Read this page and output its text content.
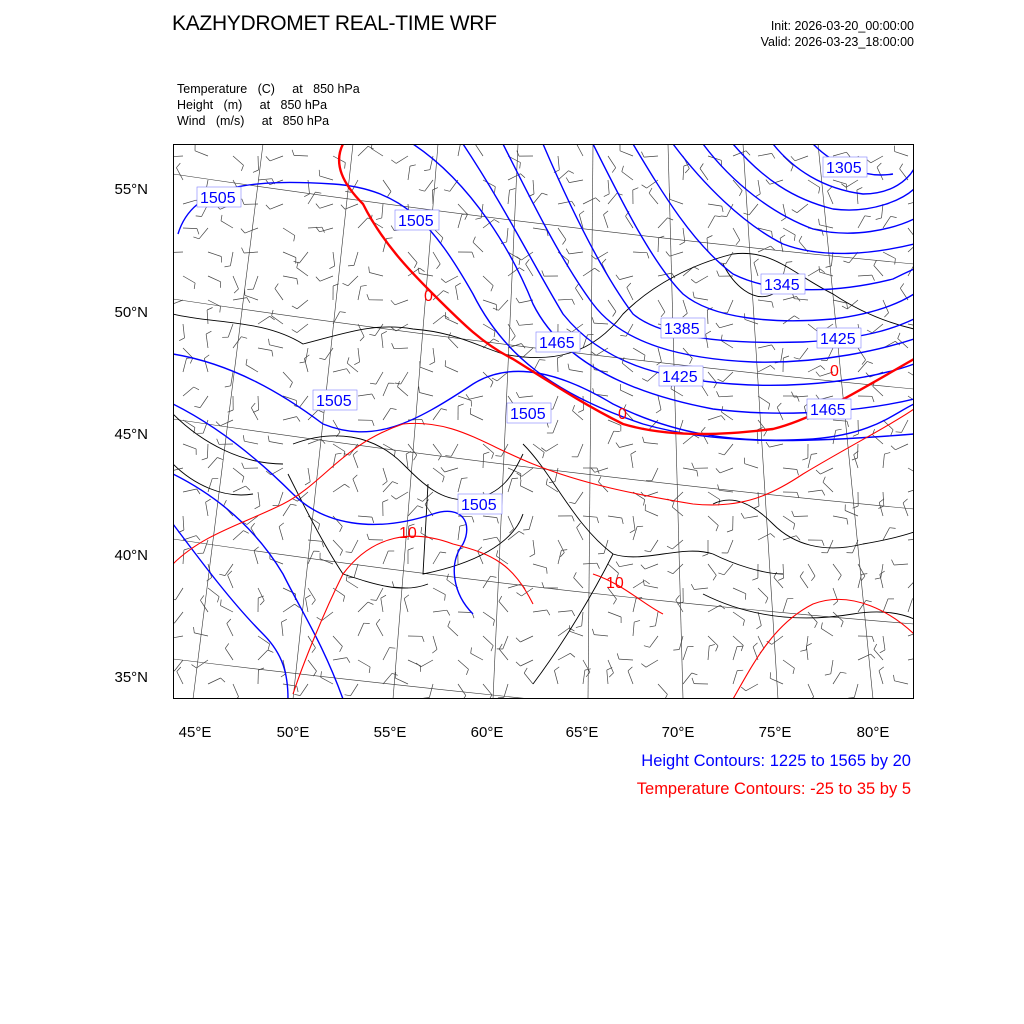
KAZHYDROMET REAL-TIME WRF	Init: 2026-03-20_00:00:00
Valid: 2026-03-23_18:00:00
Temperature   (C)     at   850 hPa
Height   (m)     at   850 hPa
Wind   (m/s)     at   850 hPa
55°N
50°N
45°N
40°N
35°N
45°E	50°E	55°E	60°E	65°E	70°E	75°E	80°E
1505
1505
1505
1505
1505
1465
1465
1425
1425
1385
1345
1305
0
0
0
10
10
Height Contours: 1225 to 1565 by 20
Temperature Contours: -25 to 35 by 5
